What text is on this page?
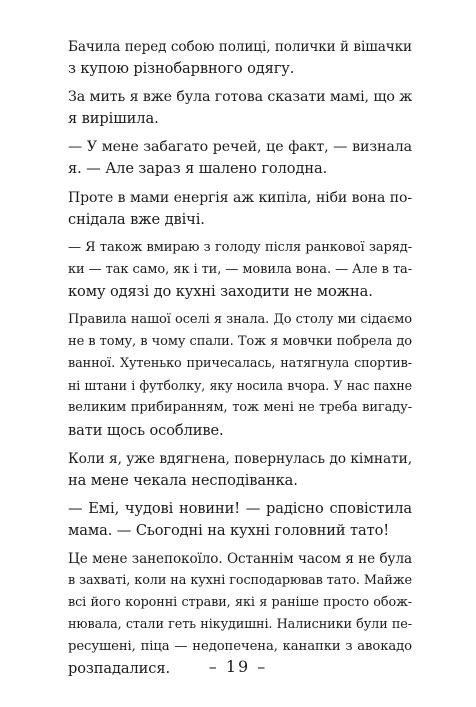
Бачила перед собою полиці, полички й вішачки
з купою різнобарвного одягу.

За мить я вже була готова сказати мамі, що ж
я вирішила.

— У мене забагато речей, це факт, — визнала
я. — Але зараз я шалено голодна.

Проте в мами енергія аж кипіла, ніби вона по-
снідала вже двічі.

— Я також вмираю з голоду після ранкової заряд-
ки — так само, як і ти, — мовила вона. — Але в та-
кому одязі до кухні заходити не можна.

Правила нашої оселі я знала. До столу ми сідаємо
не в тому, в чому спали. Тож я мовчки побрела до
ванної. Хутенько причесалась, натягнула спортив-
ні штани і футболку, яку носила вчора. У нас пахне
великим прибиранням, тож мені не треба вигаду-
вати щось особливе.

Коли я, уже вдягнена, повернулась до кімнати,
на мене чекала несподіванка.

— Емі, чудові новини! — радісно сповістила
мама. — Сьогодні на кухні головний тато!

Це мене занепокоїло. Останнім часом я не була
в захваті, коли на кухні господарював тато. Майже
всі його коронні страви, які я раніше просто обож-
нювала, стали геть нікудишні. Налисники були пе-
ресушені, піца — недопечена, канапки з авокадо
розпадалися.	– 19 –
